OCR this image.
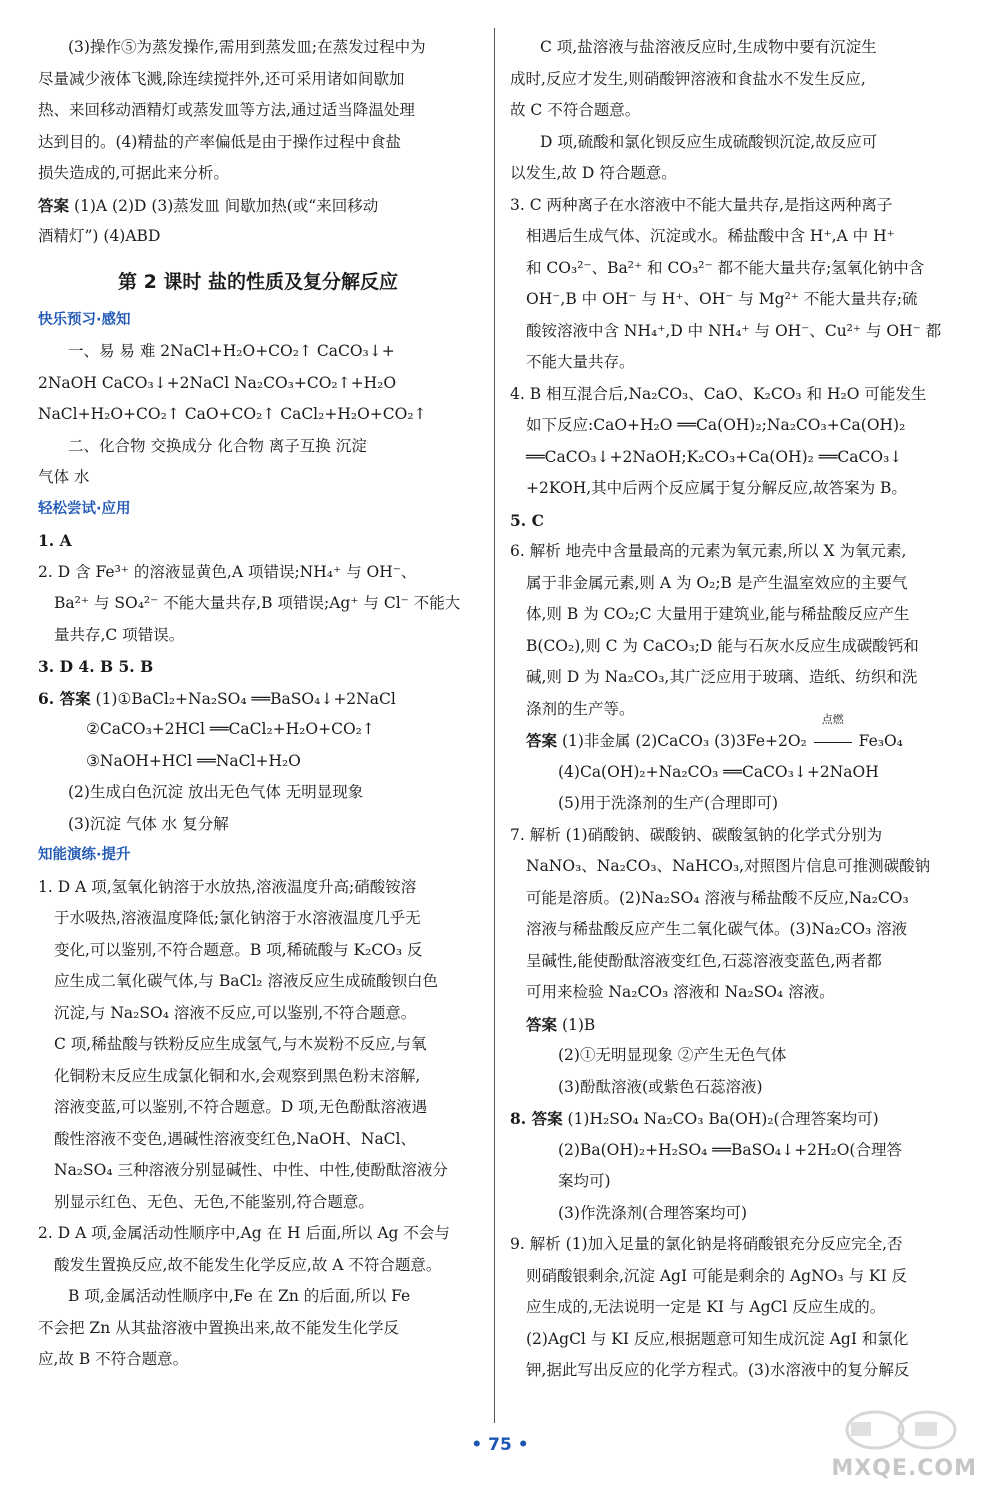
(3)操作⑤为蒸发操作,需用到蒸发皿;在蒸发过程中为
尽量减少液体飞溅,除连续搅拌外,还可采用诸如间歇加
热、来回移动酒精灯或蒸发皿等方法,通过适当降温处理
达到目的。(4)精盐的产率偏低是由于操作过程中食盐
损失造成的,可据此来分析。
答案 (1)A (2)D (3)蒸发皿 间歇加热(或“来回移动
酒精灯”) (4)ABD
第 2 课时 盐的性质及复分解反应
快乐预习·感知
一、易 易 难 2NaCl+H₂O+CO₂↑ CaCO₃↓+
2NaOH CaCO₃↓+2NaCl Na₂CO₃+CO₂↑+H₂O
NaCl+H₂O+CO₂↑ CaO+CO₂↑ CaCl₂+H₂O+CO₂↑
二、化合物 交换成分 化合物 离子互换 沉淀
气体 水
轻松尝试·应用
1. A
2. D 含 Fe³⁺ 的溶液显黄色,A 项错误;NH₄⁺ 与 OH⁻、
Ba²⁺ 与 SO₄²⁻ 不能大量共存,B 项错误;Ag⁺ 与 Cl⁻ 不能大
量共存,C 项错误。
3. D 4. B 5. B
6. 答案 (1)①BaCl₂+Na₂SO₄ ══BaSO₄↓+2NaCl
②CaCO₃+2HCl ══CaCl₂+H₂O+CO₂↑
③NaOH+HCl ══NaCl+H₂O
(2)生成白色沉淀 放出无色气体 无明显现象
(3)沉淀 气体 水 复分解
知能演练·提升
1. D A 项,氢氧化钠溶于水放热,溶液温度升高;硝酸铵溶
于水吸热,溶液温度降低;氯化钠溶于水溶液温度几乎无
变化,可以鉴别,不符合题意。B 项,稀硫酸与 K₂CO₃ 反
应生成二氧化碳气体,与 BaCl₂ 溶液反应生成硫酸钡白色
沉淀,与 Na₂SO₄ 溶液不反应,可以鉴别,不符合题意。
C 项,稀盐酸与铁粉反应生成氢气,与木炭粉不反应,与氧
化铜粉末反应生成氯化铜和水,会观察到黑色粉末溶解,
溶液变蓝,可以鉴别,不符合题意。D 项,无色酚酞溶液遇
酸性溶液不变色,遇碱性溶液变红色,NaOH、NaCl、
Na₂SO₄ 三种溶液分别显碱性、中性、中性,使酚酞溶液分
别显示红色、无色、无色,不能鉴别,符合题意。
2. D A 项,金属活动性顺序中,Ag 在 H 后面,所以 Ag 不会与
酸发生置换反应,故不能发生化学反应,故 A 不符合题意。
B 项,金属活动性顺序中,Fe 在 Zn 的后面,所以 Fe
不会把 Zn 从其盐溶液中置换出来,故不能发生化学反
应,故 B 不符合题意。
C 项,盐溶液与盐溶液反应时,生成物中要有沉淀生
成时,反应才发生,则硝酸钾溶液和食盐水不发生反应,
故 C 不符合题意。
D 项,硫酸和氯化钡反应生成硫酸钡沉淀,故反应可
以发生,故 D 符合题意。
3. C 两种离子在水溶液中不能大量共存,是指这两种离子
相遇后生成气体、沉淀或水。稀盐酸中含 H⁺,A 中 H⁺
和 CO₃²⁻、Ba²⁺ 和 CO₃²⁻ 都不能大量共存;氢氧化钠中含
OH⁻,B 中 OH⁻ 与 H⁺、OH⁻ 与 Mg²⁺ 不能大量共存;硫
酸铵溶液中含 NH₄⁺,D 中 NH₄⁺ 与 OH⁻、Cu²⁺ 与 OH⁻ 都
不能大量共存。
4. B 相互混合后,Na₂CO₃、CaO、K₂CO₃ 和 H₂O 可能发生
如下反应:CaO+H₂O ══Ca(OH)₂;Na₂CO₃+Ca(OH)₂
══CaCO₃↓+2NaOH;K₂CO₃+Ca(OH)₂ ══CaCO₃↓
+2KOH,其中后两个反应属于复分解反应,故答案为 B。
5. C
6. 解析 地壳中含量最高的元素为氧元素,所以 X 为氧元素,
属于非金属元素,则 A 为 O₂;B 是产生温室效应的主要气
体,则 B 为 CO₂;C 大量用于建筑业,能与稀盐酸反应产生
B(CO₂),则 C 为 CaCO₃;D 能与石灰水反应生成碳酸钙和
碱,则 D 为 Na₂CO₃,其广泛应用于玻璃、造纸、纺织和洗
涤剂的生产等。
答案 (1)非金属 (2)CaCO₃ (3)3Fe+2O₂
点燃
Fe₃O₄
(4)Ca(OH)₂+Na₂CO₃ ══CaCO₃↓+2NaOH
(5)用于洗涤剂的生产(合理即可)
7. 解析 (1)硝酸钠、碳酸钠、碳酸氢钠的化学式分别为
NaNO₃、Na₂CO₃、NaHCO₃,对照图片信息可推测碳酸钠
可能是溶质。(2)Na₂SO₄ 溶液与稀盐酸不反应,Na₂CO₃
溶液与稀盐酸反应产生二氧化碳气体。(3)Na₂CO₃ 溶液
呈碱性,能使酚酞溶液变红色,石蕊溶液变蓝色,两者都
可用来检验 Na₂CO₃ 溶液和 Na₂SO₄ 溶液。
答案 (1)B
(2)①无明显现象 ②产生无色气体
(3)酚酞溶液(或紫色石蕊溶液)
8. 答案 (1)H₂SO₄ Na₂CO₃ Ba(OH)₂(合理答案均可)
(2)Ba(OH)₂+H₂SO₄ ══BaSO₄↓+2H₂O(合理答
案均可)
(3)作洗涤剂(合理答案均可)
9. 解析 (1)加入足量的氯化钠是将硝酸银充分反应完全,否
则硝酸银剩余,沉淀 AgI 可能是剩余的 AgNO₃ 与 KI 反
应生成的,无法说明一定是 KI 与 AgCl 反应生成的。
(2)AgCl 与 KI 反应,根据题意可知生成沉淀 AgI 和氯化
钾,据此写出反应的化学方程式。(3)水溶液中的复分解反
• 75 •
MXQE.COM
